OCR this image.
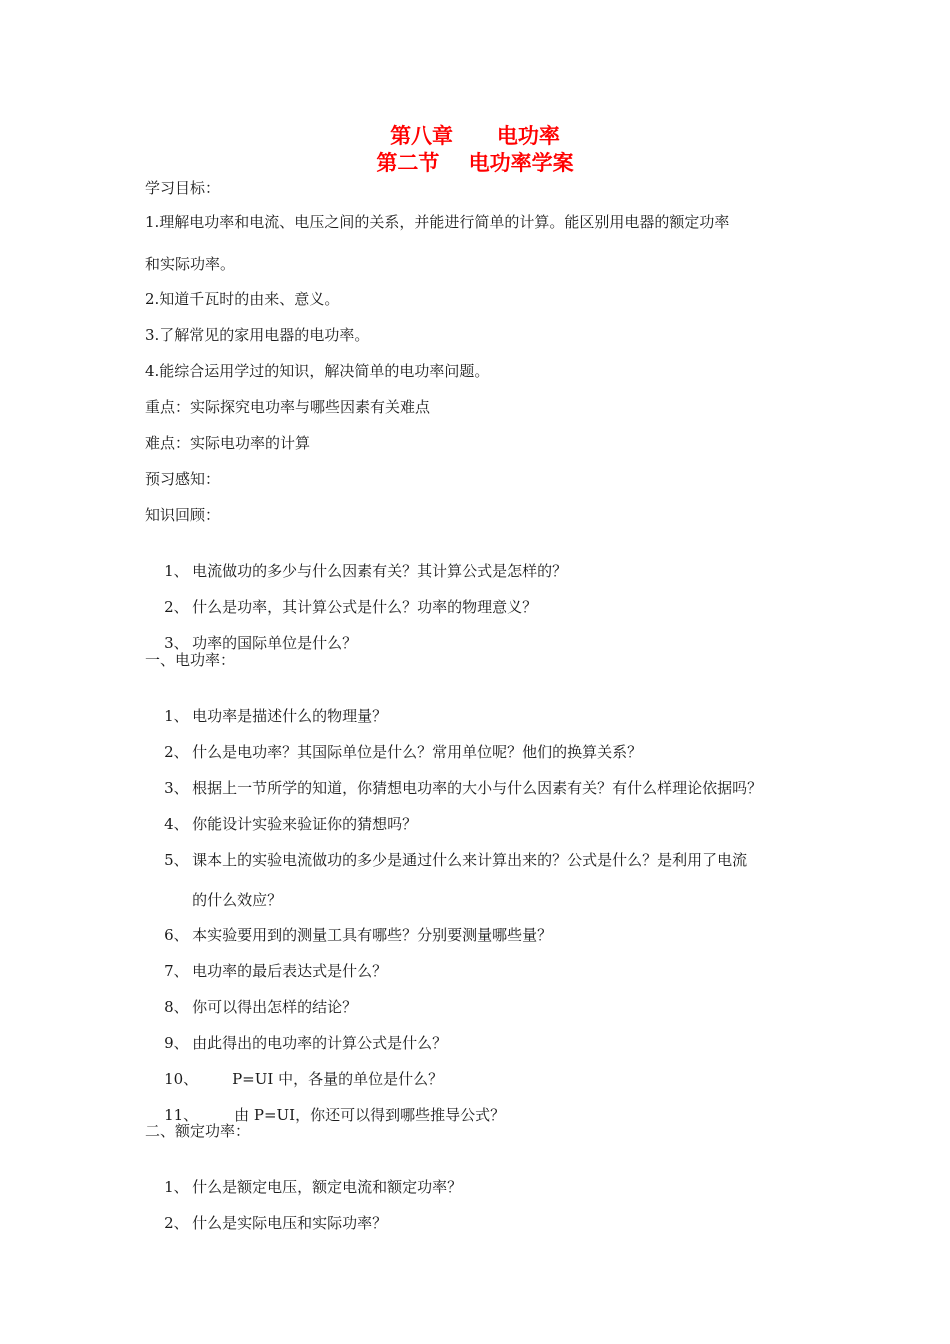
第八章      电功率
第二节    电功率学案
学习目标：
1.理解电功率和电流、电压之间的关系，并能进行简单的计算。能区别用电器的额定功率
和实际功率。
2.知道千瓦时的由来、意义。
3.了解常见的家用电器的电功率。
4.能综合运用学过的知识，解决简单的电功率问题。
重点：实际探究电功率与哪些因素有关难点
难点：实际电功率的计算
预习感知：
知识回顾：

1、 电流做功的多少与什么因素有关？其计算公式是怎样的？

2、 什么是功率，其计算公式是什么？功率的物理意义？

3、 功率的国际单位是什么？

一、电功率：

1、 电功率是描述什么的物理量？

2、 什么是电功率？其国际单位是什么？常用单位呢？他们的换算关系？

3、 根据上一节所学的知道，你猜想电功率的大小与什么因素有关？有什么样理论依据吗？

4、 你能设计实验来验证你的猜想吗？

5、 课本上的实验电流做功的多少是通过什么来计算出来的？公式是什么？是利用了电流

的什么效应？

6、 本实验要用到的测量工具有哪些？分别要测量哪些量？

7、 电功率的最后表达式是什么？

8、 你可以得出怎样的结论？

9、 由此得出的电功率的计算公式是什么？

10、 P=UI 中，各量的单位是什么？

11、 由 P=UI，你还可以得到哪些推导公式？

二、额定功率：

1、 什么是额定电压，额定电流和额定功率？

2、 什么是实际电压和实际功率？
